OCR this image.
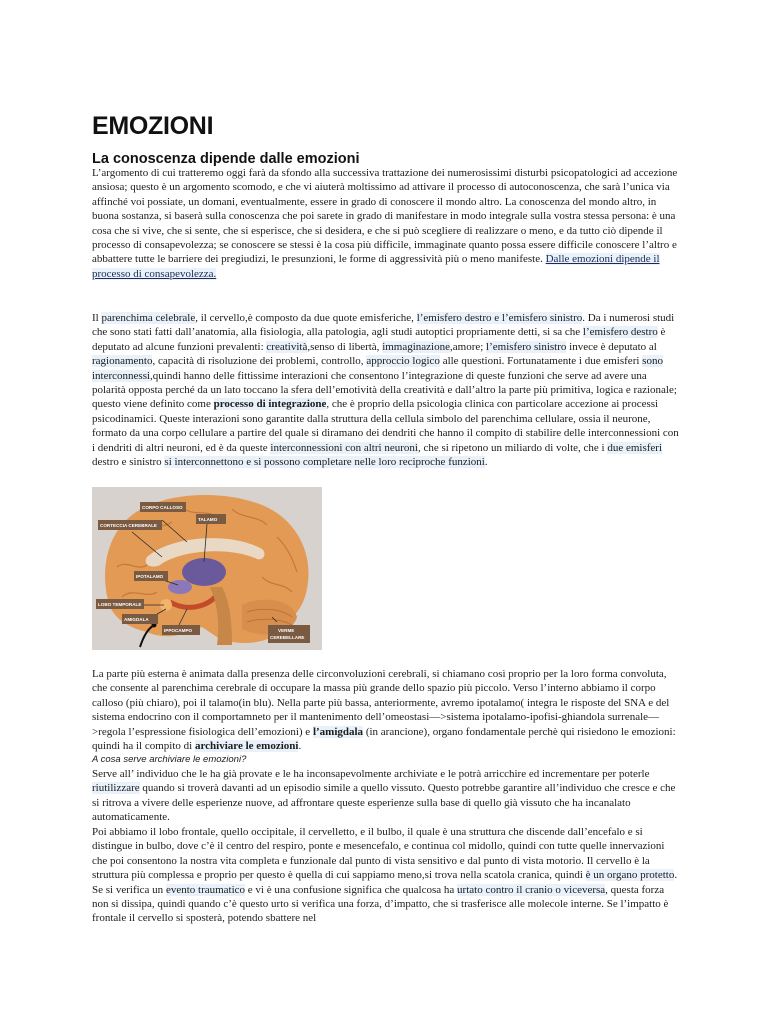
EMOZIONI
La conoscenza dipende dalle emozioni

L’argomento di cui tratteremo oggi farà da sfondo alla successiva trattazione dei numerosissimi disturbi psicopatologici ad accezione ansiosa; questo è un argomento scomodo, e che vi aiuterà moltissimo ad attivare il processo di autoconoscenza, che sarà l’unica via affinché voi possiate, un domani, eventualmente, essere in grado di conoscere il mondo altro. La conoscenza del mondo altro, in buona sostanza, si baserà sulla conoscenza che poi sarete in grado di manifestare in modo integrale sulla vostra stessa persona: è una cosa che si vive, che si sente, che si esperisce, che si desidera, e che si può scegliere di realizzare o meno, e da tutto ciò dipende il processo di consapevolezza; se conoscere se stessi è la cosa più difficile, immaginate quanto possa essere difficile conoscere l’altro e abbattere tutte le barriere dei pregiudizi, le presunzioni, le forme di aggressività più o meno manifeste. Dalle emozioni dipende il processo di consapevolezza.

Il parenchima celebrale, il cervello,è composto da due quote emisferiche, l’emisfero destro e l’emisfero sinistro. Da i numerosi studi che sono stati fatti dall’anatomia, alla fisiologia, alla patologia, agli studi autoptici propriamente detti, si sa che l’emisfero destro è deputato ad alcune funzioni prevalenti: creatività,senso di libertà, immaginazione,amore; l’emisfero sinistro invece è deputato al ragionamento, capacità di risoluzione dei problemi, controllo, approccio logico alle questioni. Fortunatamente i due emisferi sono interconnessi,quindi hanno delle fittissime interazioni che consentono l’integrazione di queste funzioni che serve ad avere una polarità opposta perché da un lato toccano la sfera dell’emotività della creatività e dall’altro la parte più primitiva, logica e razionale; questo viene definito come processo di integrazione, che è proprio della psicologia clinica con particolare accezione ai processi psicodinamici. Queste interazioni sono garantite dalla struttura della cellula simbolo del parenchima cellulare, ossia il neurone, formato da una corpo cellulare a partire del quale si diramano dei dendriti che hanno il compito di stabilire delle interconnessioni con i dendriti di altri neuroni, ed è da queste interconnessioni con altri neuroni, che si ripetono un miliardo di volte, che i due emisferi destro e sinistro si interconnettono e si possono completare nelle loro reciproche funzioni.

CORPO CALLOSO
CORTECCIA CEREBRALE
TALAMO
IPOTALAMO
LOBO TEMPORALE
AMIGDALA
IPPOCAMPO	VERME
CEREBELLARE

La parte più esterna è animata dalla presenza delle circonvoluzioni cerebrali, si chiamano così proprio per la loro forma convoluta, che consente al parenchima cerebrale di occupare la massa più grande dello spazio più piccolo. Verso l’interno abbiamo il corpo calloso (più chiaro), poi il talamo(in blu). Nella parte più bassa, anteriormente, avremo ipotalamo( integra le risposte del SNA e del sistema endocrino con il comportamneto per il mantenimento dell’omeostasi—>sistema ipotalamo-ipofisi-ghiandola surrenale—>regola l’espressione fisiologica dell’emozioni) e l’amigdala (in arancione), organo fondamentale perchè qui risiedono le emozioni: quindi ha il compito di archiviare le emozioni.

A cosa serve archiviare le emozioni?

Serve all’ individuo che le ha già provate e le ha inconsapevolmente archiviate e le potrà arricchire ed incrementare per poterle riutilizzare quando si troverà davanti ad un episodio simile a quello vissuto. Questo potrebbe garantire all’individuo che cresce e che si ritrova a vivere delle esperienze nuove, ad affrontare queste esperienze sulla base di quello già vissuto che ha incanalato automaticamente.

Poi abbiamo il lobo frontale, quello occipitale, il cervelletto, e il bulbo, il quale è una struttura che discende dall’encefalo e si distingue in bulbo, dove c’è il centro del respiro, ponte e mesencefalo, e continua col midollo, quindi con tutte quelle innervazioni che poi consentono la nostra vita completa e funzionale dal punto di vista sensitivo e dal punto di vista motorio. Il cervello è la struttura più complessa e proprio per questo è quella di cui sappiamo meno,si trova nella scatola cranica, quindi è un organo protetto. Se si verifica un evento traumatico e vi è una confusione significa che qualcosa ha urtato contro il cranio o viceversa, questa forza non si dissipa, quindi quando c’è questo urto si verifica una forza, d’impatto, che si trasferisce alle molecole interne. Se l’impatto è frontale il cervello si sposterà, potendo sbattere nel
